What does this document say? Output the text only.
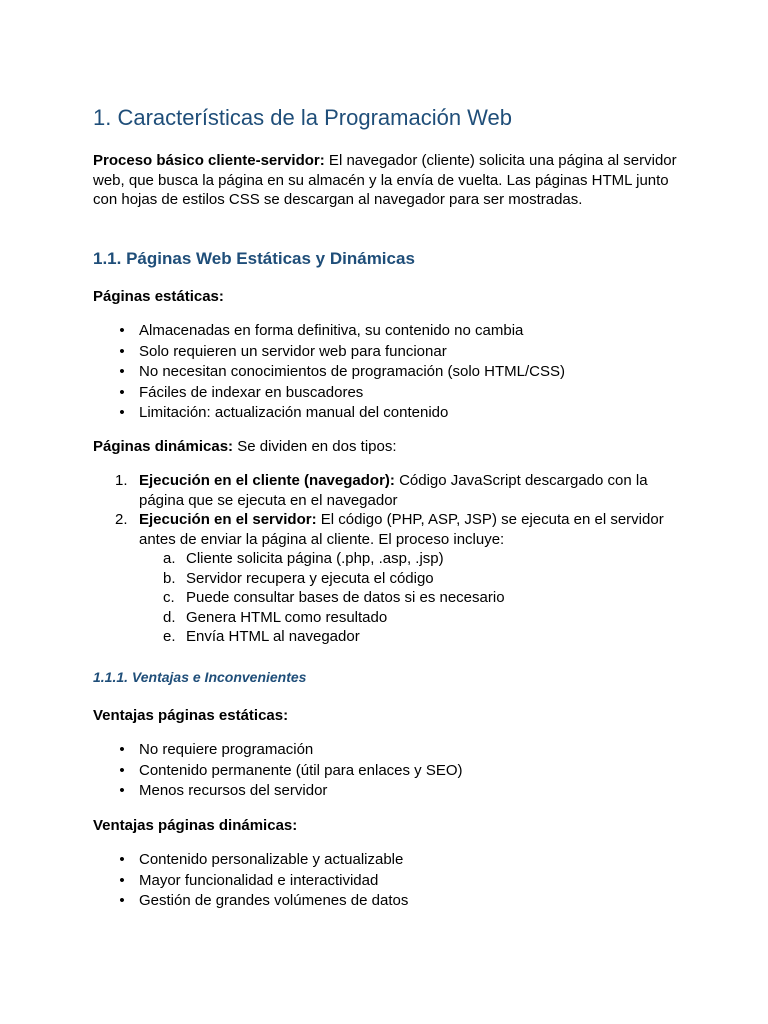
1. Características de la Programación Web

Proceso básico cliente-servidor: El navegador (cliente) solicita una página al servidor web, que busca la página en su almacén y la envía de vuelta. Las páginas HTML junto con hojas de estilos CSS se descargan al navegador para ser mostradas.

1.1. Páginas Web Estáticas y Dinámicas
Páginas estáticas:
• Almacenadas en forma definitiva, su contenido no cambia
• Solo requieren un servidor web para funcionar
• No necesitan conocimientos de programación (solo HTML/CSS)
• Fáciles de indexar en buscadores
• Limitación: actualización manual del contenido

Páginas dinámicas: Se dividen en dos tipos:

1. Ejecución en el cliente (navegador): Código JavaScript descargado con la página que se ejecuta en el navegador
2. Ejecución en el servidor: El código (PHP, ASP, JSP) se ejecuta en el servidor antes de enviar la página al cliente. El proceso incluye:
a. Cliente solicita página (.php, .asp, .jsp)
b. Servidor recupera y ejecuta el código
c. Puede consultar bases de datos si es necesario
d. Genera HTML como resultado
e. Envía HTML al navegador
1.1.1. Ventajas e Inconvenientes
Ventajas páginas estáticas:
• No requiere programación
• Contenido permanente (útil para enlaces y SEO)
• Menos recursos del servidor
Ventajas páginas dinámicas:
• Contenido personalizable y actualizable
• Mayor funcionalidad e interactividad
• Gestión de grandes volúmenes de datos
